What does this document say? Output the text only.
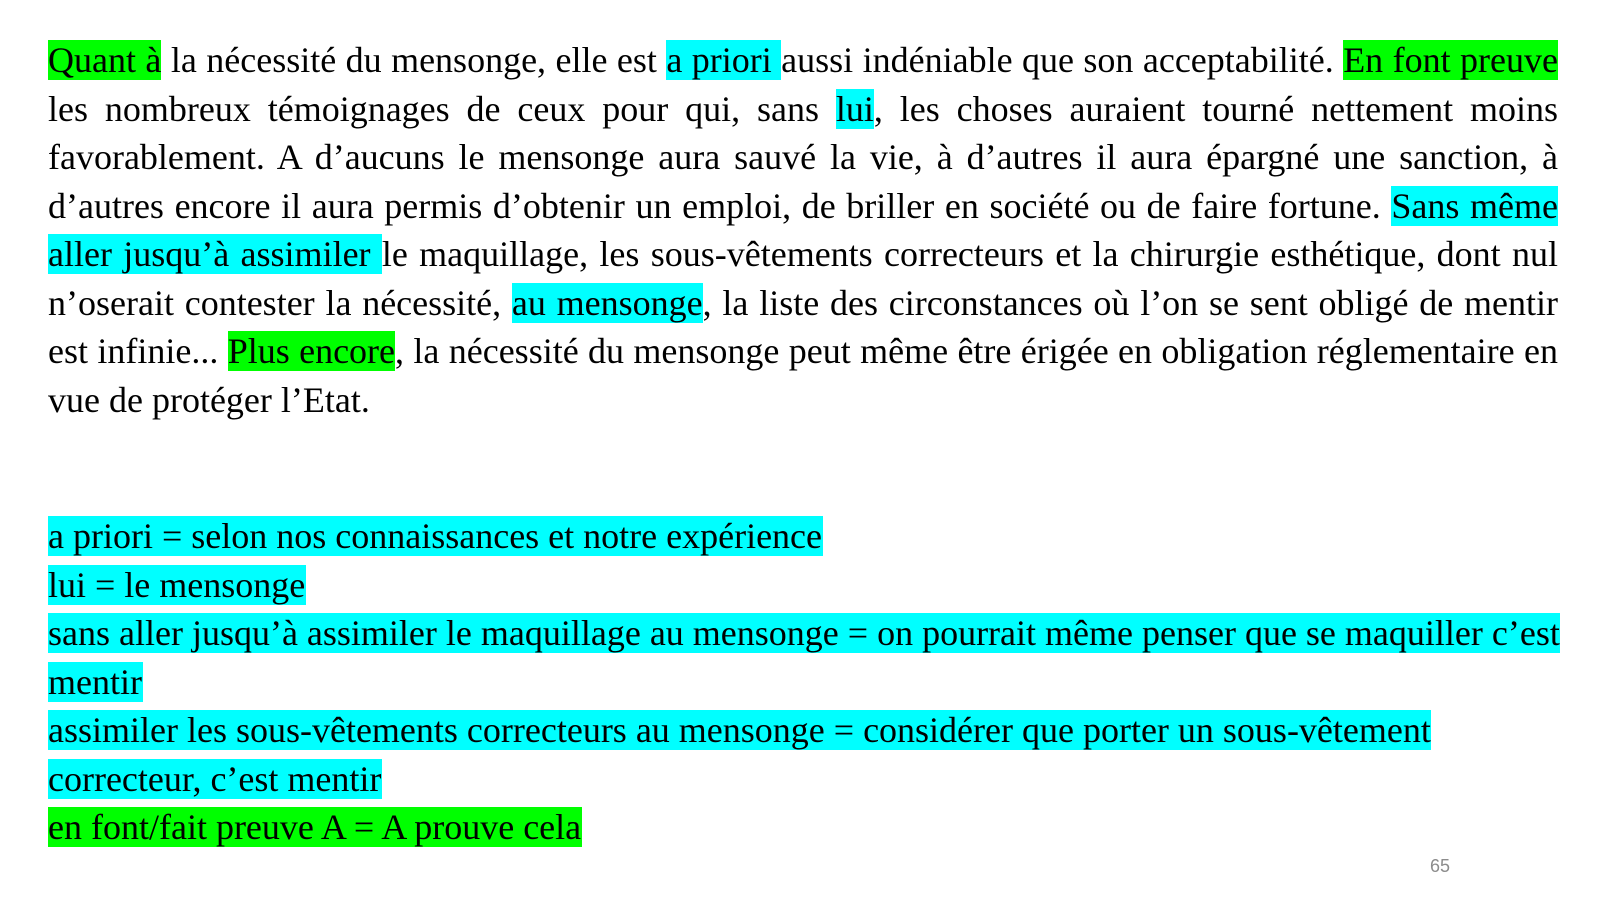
Quant à la nécessité du mensonge, elle est a priori aussi indéniable que son acceptabilité. En font preuve les nombreux témoignages de ceux pour qui, sans lui, les choses auraient tourné nettement moins favorablement. A d’aucuns le mensonge aura sauvé la vie, à d’autres il aura épargné une sanction, à d’autres encore il aura permis d’obtenir un emploi, de briller en société ou de faire fortune. Sans même aller jusqu’à assimiler le maquillage, les sous-vêtements correcteurs et la chirurgie esthétique, dont nul n’oserait contester la nécessité, au mensonge, la liste des circonstances où l’on se sent obligé de mentir est infinie... Plus encore, la nécessité du mensonge peut même être érigée en obligation réglementaire en vue de protéger l’Etat.

a priori = selon nos connaissances et notre expérience
lui = le mensonge
sans aller jusqu’à assimiler le maquillage au mensonge = on pourrait même penser que se maquiller c’est mentir
assimiler les sous-vêtements correcteurs au mensonge = considérer que porter un sous-vêtement correcteur, c’est mentir
en font/fait preuve A = A prouve cela
65
